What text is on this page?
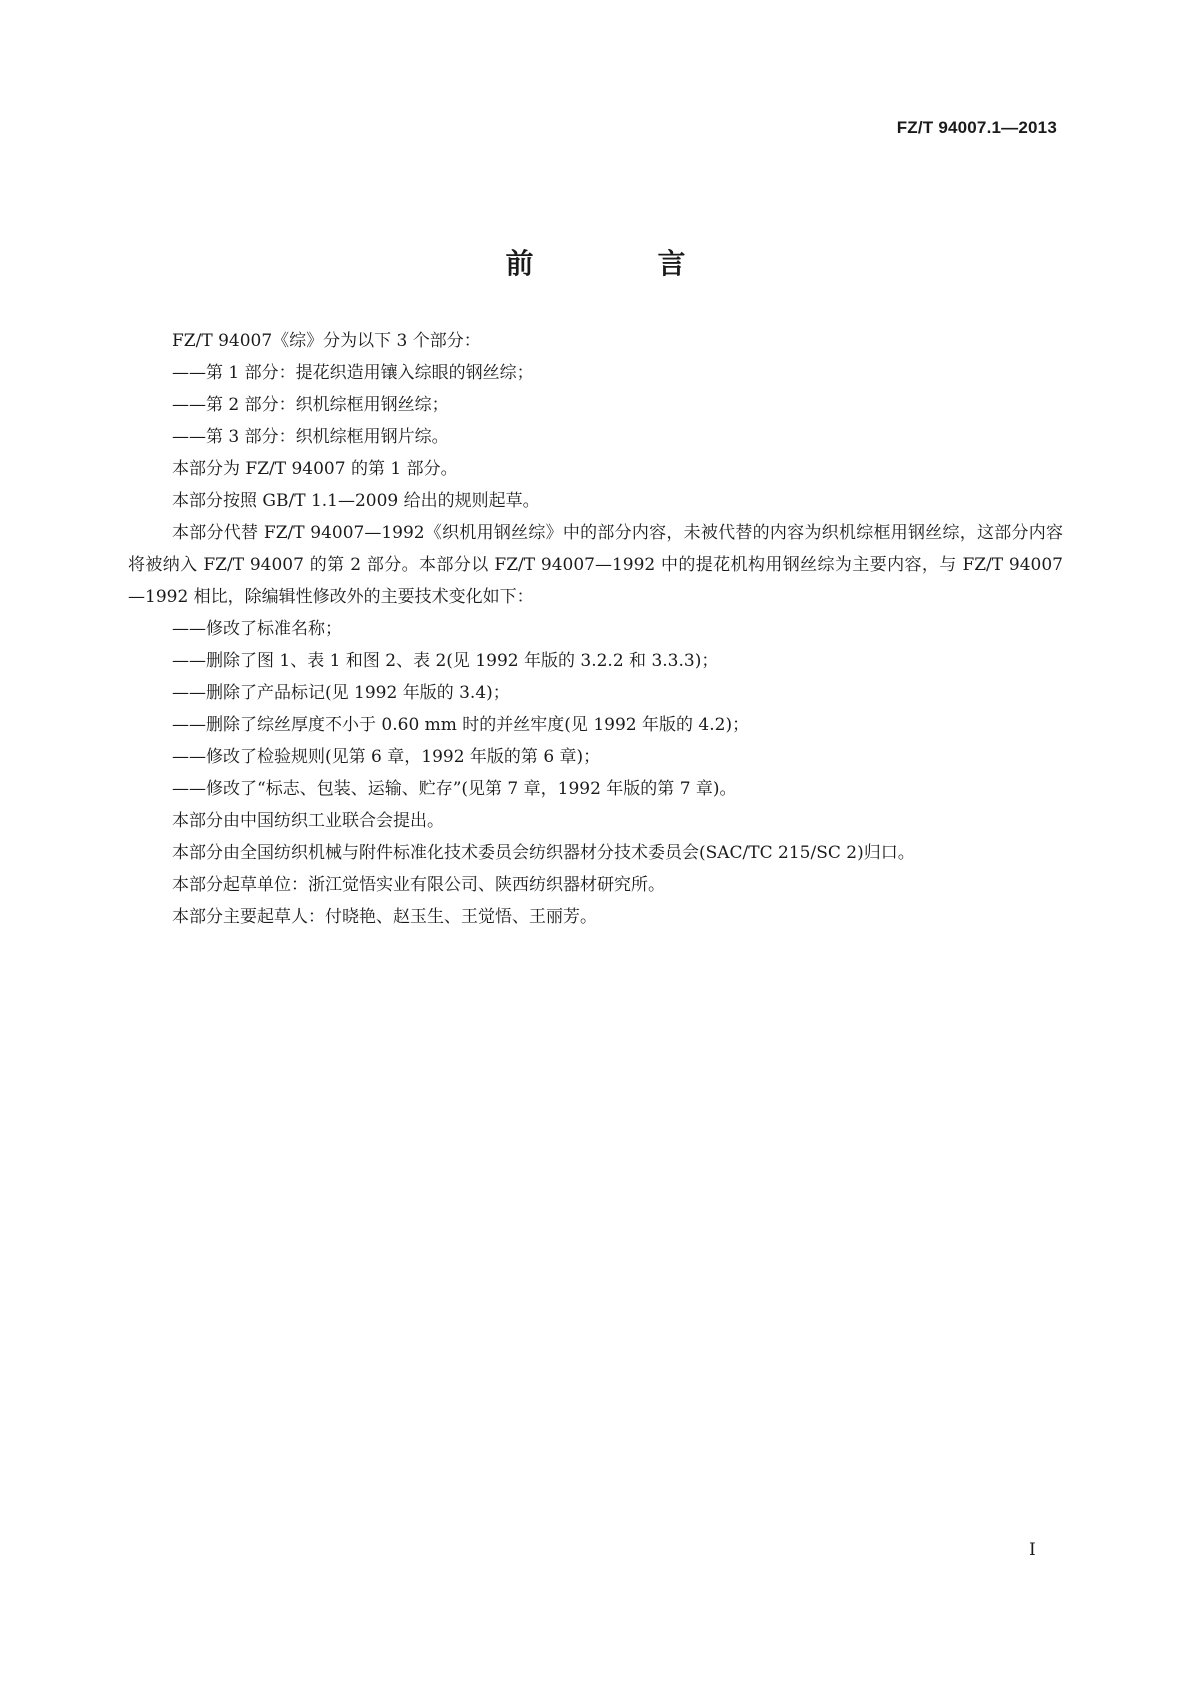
FZ/T 94007.1—2013
前　言

FZ/T 94007《综》分为以下 3 个部分：

——第 1 部分：提花织造用镶入综眼的钢丝综；

——第 2 部分：织机综框用钢丝综；

——第 3 部分：织机综框用钢片综。

本部分为 FZ/T 94007 的第 1 部分。

本部分按照 GB/T 1.1—2009 给出的规则起草。

本部分代替 FZ/T 94007—1992《织机用钢丝综》中的部分内容，未被代替的内容为织机综框用钢丝综，这部分内容将被纳入 FZ/T 94007 的第 2 部分。本部分以 FZ/T 94007—1992 中的提花机构用钢丝综为主要内容，与 FZ/T 94007—1992 相比，除编辑性修改外的主要技术变化如下：

——修改了标准名称；

——删除了图 1、表 1 和图 2、表 2(见 1992 年版的 3.2.2 和 3.3.3)；

——删除了产品标记(见 1992 年版的 3.4)；

——删除了综丝厚度不小于 0.60 mm 时的并丝牢度(见 1992 年版的 4.2)；

——修改了检验规则(见第 6 章，1992 年版的第 6 章)；

——修改了“标志、包装、运输、贮存”(见第 7 章，1992 年版的第 7 章)。

本部分由中国纺织工业联合会提出。

本部分由全国纺织机械与附件标准化技术委员会纺织器材分技术委员会(SAC/TC 215/SC 2)归口。

本部分起草单位：浙江觉悟实业有限公司、陕西纺织器材研究所。

本部分主要起草人：付晓艳、赵玉生、王觉悟、王丽芳。

I
